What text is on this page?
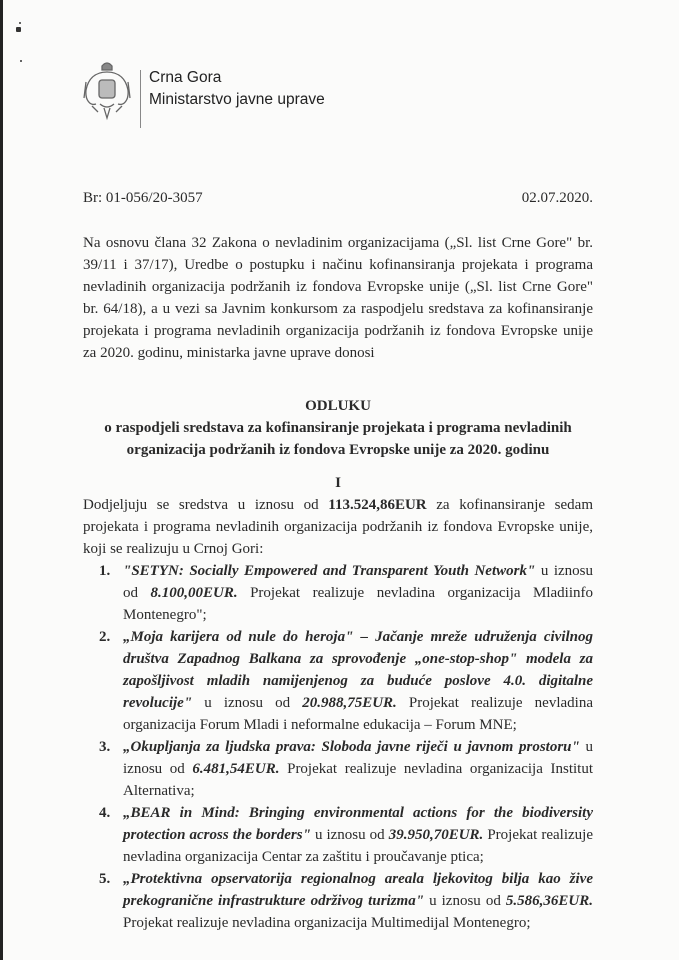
Crna Gora
Ministarstvo javne uprave
Br: 01-056/20-3057	02.07.2020.
Na osnovu člana 32 Zakona o nevladinim organizacijama („Sl. list Crne Gore" br. 39/11 i 37/17), Uredbe o postupku i načinu kofinansiranja projekata i programa nevladinih organizacija podržanih iz fondova Evropske unije („Sl. list Crne Gore" br. 64/18), a u vezi sa Javnim konkursom za raspodjelu sredstava za kofinansiranje projekata i programa nevladinih organizacija podržanih iz fondova Evropske unije za 2020. godinu, ministarka javne uprave donosi
ODLUKU
o raspodjeli sredstava za kofinansiranje projekata i programa nevladinih
organizacija podržanih iz fondova Evropske unije za 2020. godinu
I
Dodjeljuju se sredstva u iznosu od 113.524,86EUR za kofinansiranje sedam projekata i programa nevladinih organizacija podržanih iz fondova Evropske unije, koji se realizuju u Crnoj Gori:
1. "SETYN: Socially Empowered and Transparent Youth Network" u iznosu od 8.100,00EUR. Projekat realizuje nevladina organizacija Mladiinfo Montenegro";
2. „Moja karijera od nule do heroja" – Jačanje mreže udruženja civilnog društva Zapadnog Balkana za sprovođenje „one-stop-shop" modela za zapošljivost mladih namijenjenog za buduće poslove 4.0. digitalne revolucije" u iznosu od 20.988,75EUR. Projekat realizuje nevladina organizacija Forum Mladi i neformalne edukacija – Forum MNE;
3. „Okupljanja za ljudska prava: Sloboda javne riječi u javnom prostoru" u iznosu od 6.481,54EUR. Projekat realizuje nevladina organizacija Institut Alternativa;
4. „BEAR in Mind: Bringing environmental actions for the biodiversity protection across the borders" u iznosu od 39.950,70EUR. Projekat realizuje nevladina organizacija Centar za zaštitu i proučavanje ptica;
5. „Protektivna opservatorija regionalnog areala ljekovitog bilja kao žive prekogranične infrastrukture održivog turizma" u iznosu od 5.586,36EUR. Projekat realizuje nevladina organizacija Multimedijal Montenegro;
